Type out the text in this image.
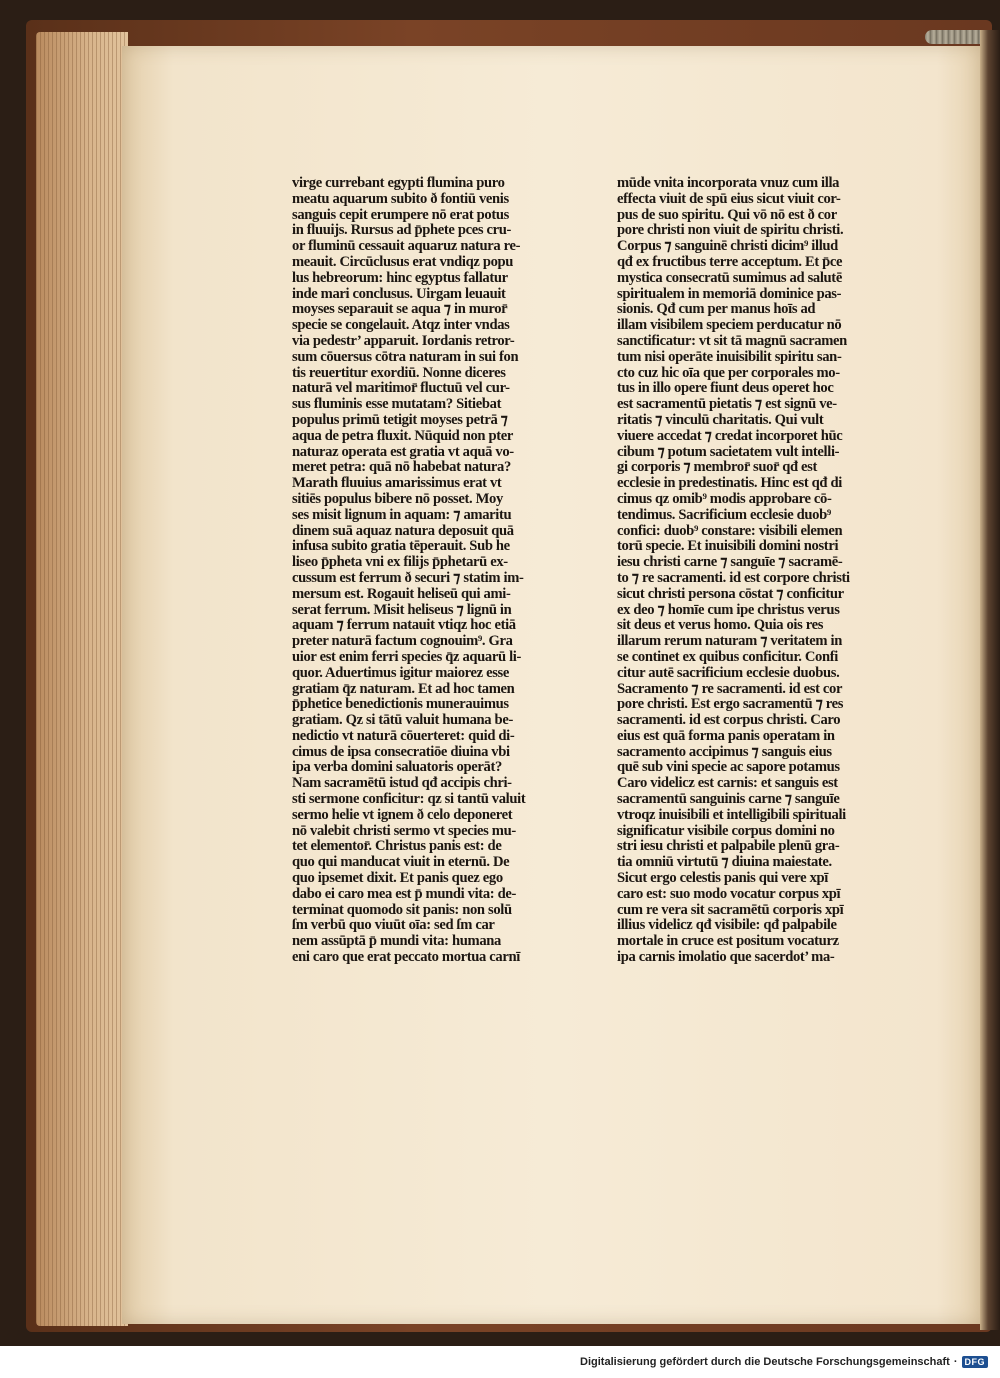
virge currebant egypti flumina puro
meatu aquarum subito ð fontiū venis
sanguis cepit erumpere nō erat potus
in fluuijs. Rursus ad p̄phete pces cru-
or fluminū cessauit aquaruz natura re-
meauit. Circūclusus erat vndiqz popu
lus hebreorum: hinc egyptus fallatur
inde mari conclusus. Uirgam leuauit
moyses separauit se aqua ⁊ in muror̄
specie se congelauit. Atqz inter vndas
via pedestr’ apparuit. Iordanis retror-
sum cōuersus cōtra naturam in sui fon
tis reuertitur exordiū. Nonne diceres
naturā vel maritimor̄ fluctuū vel cur-
sus fluminis esse mutatam? Sitiebat
populus primū tetigit moyses petrā ⁊
aqua de petra fluxit. Nūquid non pter
naturaz operata est gratia vt aquā vo-
meret petra: quā nō habebat natura?
Marath fluuius amarissimus erat vt
sitiēs populus bibere nō posset. Moy
ses misit lignum in aquam: ⁊ amaritu
dinem suā aquaz natura deposuit quā
infusa subito gratia tēperauit. Sub he
liseo p̄pheta vni ex filijs p̄phetarū ex-
cussum est ferrum ð securi ⁊ statim im-
mersum est. Rogauit heliseū qui ami-
serat ferrum. Misit heliseus ⁊ lignū in
aquam ⁊ ferrum natauit vtiqz hoc etiā
preter naturā factum cognouim⁹. Gra
uior est enim ferri species q̄z aquarū li-
quor. Aduertimus igitur maiorez esse
gratiam q̄z naturam. Et ad hoc tamen
p̄phetice benedictionis munerauimus
gratiam. Qz si tātū valuit humana be-
nedictio vt naturā cōuerteret: quid di-
cimus de ipsa consecratiōe diuina vbi
ipa verba domini saluatoris operāt?
Nam sacramētū istud qđ accipis chri-
sti sermone conficitur: qz si tantū valuit
sermo helie vt ignem ð celo deponeret
nō valebit christi sermo vt species mu-
tet elementor̄. Christus panis est: de
quo qui manducat viuit in eternū. De
quo ipsemet dixit. Et panis quez ego
dabo ei caro mea est p̄ mundi vita: de-
terminat quomodo sit panis: non solū
ſm verbū quo viuūt oīa: sed ſm car
nem assūptā p̄ mundi vita: humana
eni caro que erat peccato mortua carnī
mūde vnita incorporata vnuz cum illa
effecta viuit de spū eius sicut viuit cor-
pus de suo spiritu. Qui vō nō est ð cor
pore christi non viuit de spiritu christi.
Corpus ⁊ sanguinē christi dicim⁹ illud
qđ ex fructibus terre acceptum. Et p̄ce
mystica consecratū sumimus ad salutē
spiritualem in memoriā dominice pas-
sionis. Qđ cum per manus hoīs ad
illam visibilem speciem perducatur nō
sanctificatur: vt sit tā magnū sacramen
tum nisi operāte inuisibilit spiritu san-
cto cuz hic oīa que per corporales mo-
tus in illo opere fiunt deus operet hoc
est sacramentū pietatis ⁊ est signū ve-
ritatis ⁊ vinculū charitatis. Qui vult
viuere accedat ⁊ credat incorporet hūc
cibum ⁊ potum sacietatem vult intelli-
gi corporis ⁊ membror̄ suor̄ qđ est
ecclesie in predestinatis. Hinc est qđ di
cimus qz omib⁹ modis approbare cō-
tendimus. Sacrificium ecclesie duob⁹
confici: duob⁹ constare: visibili elemen
torū specie. Et inuisibili domini nostri
iesu christi carne ⁊ sanguīe ⁊ sacramē-
to ⁊ re sacramenti. id est corpore christi
sicut christi persona cōstat ⁊ conficitur
ex deo ⁊ homīe cum ipe christus verus
sit deus et verus homo. Quia ois res
illarum rerum naturam ⁊ veritatem in
se continet ex quibus conficitur. Confi
citur autē sacrificium ecclesie duobus.
Sacramento ⁊ re sacramenti. id est cor
pore christi. Est ergo sacramentū ⁊ res
sacramenti. id est corpus christi. Caro
eius est quā forma panis operatam in
sacramento accipimus ⁊ sanguis eius
quē sub vini specie ac sapore potamus
Caro videlicz est carnis: et sanguis est
sacramentū sanguinis carne ⁊ sanguīe
vtroqz inuisibili et intelligibili spirituali
significatur visibile corpus domini no
stri iesu christi et palpabile plenū gra-
tia omniū virtutū ⁊ diuina maiestate.
Sicut ergo celestis panis qui vere xpī
caro est: suo modo vocatur corpus xpī
cum re vera sit sacramētū corporis xpī
illius videlicz qđ visibile: qđ palpabile
mortale in cruce est positum vocaturz
ipa carnis imolatio que sacerdot’ ma-
Digitalisierung gefördert durch die Deutsche Forschungsgemeinschaft · DFG
